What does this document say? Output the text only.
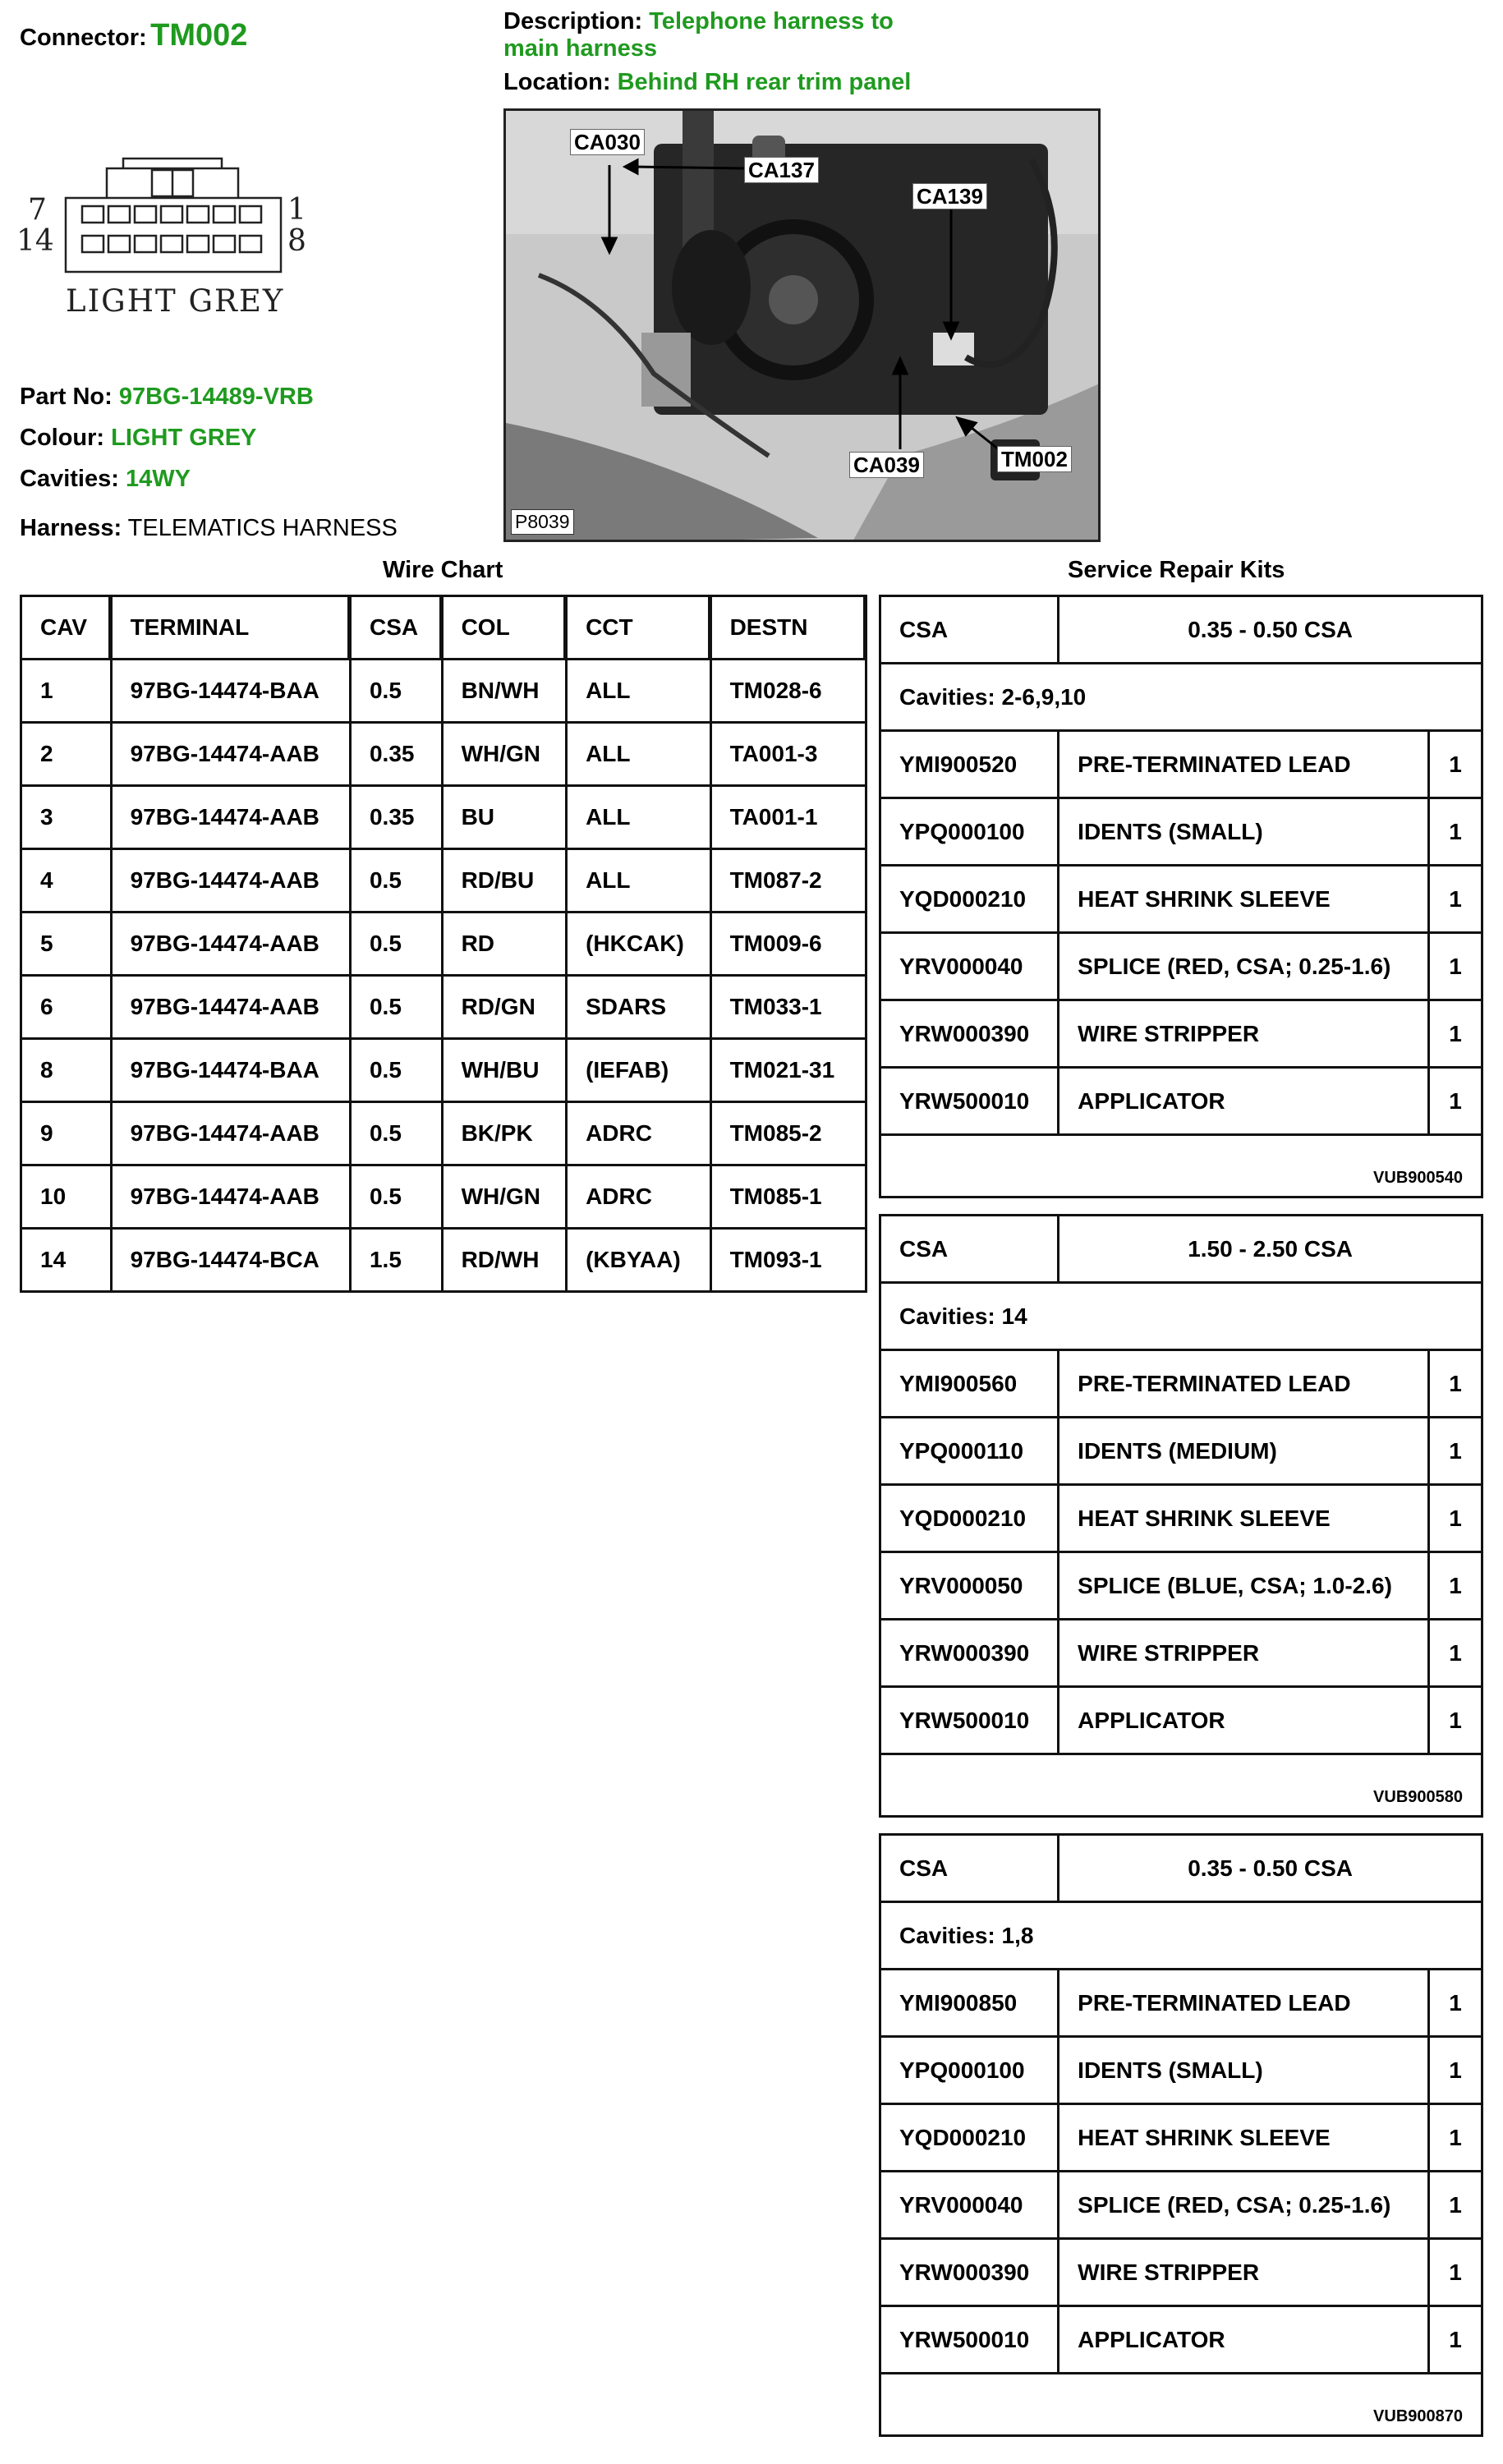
Connector: TM002	Description: Telephone harness to
main harness
Location: Behind RH rear trim panel
7	1
14	8
LIGHT GREY
Part No: 97BG-14489-VRB
Colour: LIGHT GREY
Cavities: 14WY
Harness: TELEMATICS HARNESS
CA030
CA139
CA137
CA039	TM002
P8039
Wire Chart	Service Repair Kits
CAV	TERMINAL	CSA	COL	CCT	DESTN
1	97BG-14474-BAA	0.5	BN/WH	ALL	TM028-6
2	97BG-14474-AAB	0.35	WH/GN	ALL	TA001-3
3	97BG-14474-AAB	0.35	BU	ALL	TA001-1
4	97BG-14474-AAB	0.5	RD/BU	ALL	TM087-2
5	97BG-14474-AAB	0.5	RD	(HKCAK)	TM009-6
6	97BG-14474-AAB	0.5	RD/GN	SDARS	TM033-1
8	97BG-14474-BAA	0.5	WH/BU	(IEFAB)	TM021-31
9	97BG-14474-AAB	0.5	BK/PK	ADRC	TM085-2
10	97BG-14474-AAB	0.5	WH/GN	ADRC	TM085-1
14	97BG-14474-BCA	1.5	RD/WH	(KBYAA)	TM093-1
CSA	0.35 - 0.50 CSA	
Cavities: 2-6,9,10		
YMI900520	PRE-TERMINATED LEAD	1
YPQ000100	IDENTS (SMALL)	1
YQD000210	HEAT SHRINK SLEEVE	1
YRV000040	SPLICE (RED, CSA; 0.25-1.6)	1
YRW000390	WIRE STRIPPER	1
YRW500010	APPLICATOR	1
VUB900540		
CSA	1.50 - 2.50 CSA	
Cavities: 14		
YMI900560	PRE-TERMINATED LEAD	1
YPQ000110	IDENTS (MEDIUM)	1
YQD000210	HEAT SHRINK SLEEVE	1
YRV000050	SPLICE (BLUE, CSA; 1.0-2.6)	1
YRW000390	WIRE STRIPPER	1
YRW500010	APPLICATOR	1
VUB900580		
CSA	0.35 - 0.50 CSA	
Cavities: 1,8		
YMI900850	PRE-TERMINATED LEAD	1
YPQ000100	IDENTS (SMALL)	1
YQD000210	HEAT SHRINK SLEEVE	1
YRV000040	SPLICE (RED, CSA; 0.25-1.6)	1
YRW000390	WIRE STRIPPER	1
YRW500010	APPLICATOR	1
VUB900870		
